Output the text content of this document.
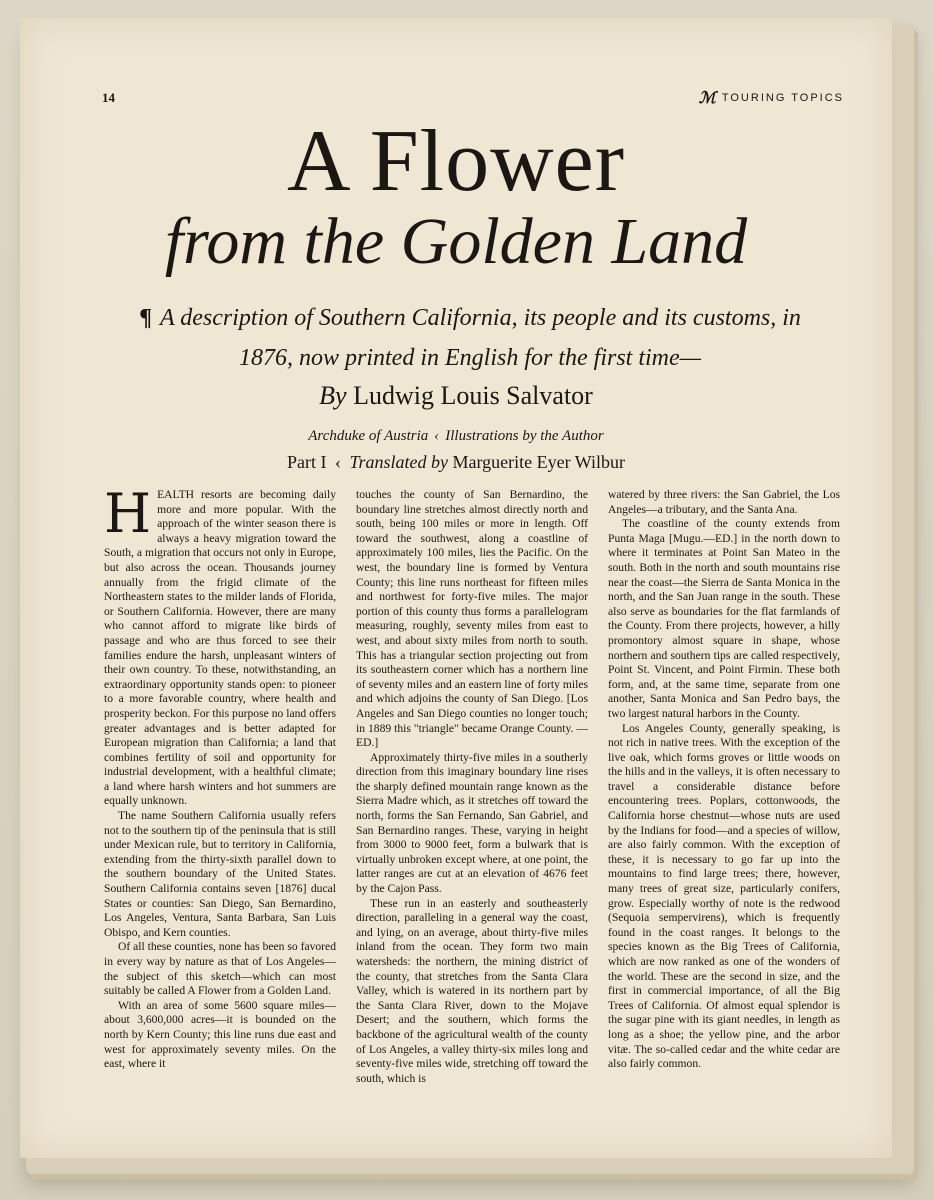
14	ℳ TOURING TOPICS
A Flower
from the Golden Land
¶ A description of Southern California, its people and its customs, in 1876, now printed in English for the first time—
By Ludwig Louis Salvator
Archduke of Austria ‹ Illustrations by the Author
Part I ‹ Translated by Marguerite Eyer Wilbur

HEALTH resorts are becoming daily more and more popular. With the approach of the winter season there is always a heavy migration toward the South, a migration that occurs not only in Europe, but also across the ocean. Thousands journey annually from the frigid climate of the Northeastern states to the milder lands of Florida, or Southern California. However, there are many who cannot afford to migrate like birds of passage and who are thus forced to see their families endure the harsh, unpleasant winters of their own country. To these, notwithstanding, an extraordinary opportunity stands open: to pioneer to a more favorable country, where health and prosperity beckon. For this purpose no land offers greater advantages and is better adapted for European migration than California; a land that combines fertility of soil and opportunity for industrial development, with a healthful climate; a land where harsh winters and hot summers are equally unknown.

The name Southern California usually refers not to the southern tip of the peninsula that is still under Mexican rule, but to territory in California, extending from the thirty-sixth parallel down to the southern boundary of the United States. Southern California contains seven [1876] ducal States or counties: San Diego, San Bernardino, Los Angeles, Ventura, Santa Barbara, San Luis Obispo, and Kern counties.

Of all these counties, none has been so favored in every way by nature as that of Los Angeles—the subject of this sketch—which can most suitably be called A Flower from a Golden Land.

With an area of some 5600 square miles—about 3,600,000 acres—it is bounded on the north by Kern County; this line runs due east and west for approximately seventy miles. On the east, where it

touches the county of San Bernardino, the boundary line stretches almost directly north and south, being 100 miles or more in length. Off toward the southwest, along a coastline of approximately 100 miles, lies the Pacific. On the west, the boundary line is formed by Ventura County; this line runs northeast for fifteen miles and northwest for forty-five miles. The major portion of this county thus forms a parallelogram measuring, roughly, seventy miles from east to west, and about sixty miles from north to south. This has a triangular section projecting out from its southeastern corner which has a northern line of seventy miles and an eastern line of forty miles and which adjoins the county of San Diego. [Los Angeles and San Diego counties no longer touch; in 1889 this "triangle" became Orange County. —ED.]

Approximately thirty-five miles in a southerly direction from this imaginary boundary line rises the sharply defined mountain range known as the Sierra Madre which, as it stretches off toward the north, forms the San Fernando, San Gabriel, and San Bernardino ranges. These, varying in height from 3000 to 9000 feet, form a bulwark that is virtually unbroken except where, at one point, the latter ranges are cut at an elevation of 4676 feet by the Cajon Pass.

These run in an easterly and southeasterly direction, paralleling in a general way the coast, and lying, on an average, about thirty-five miles inland from the ocean. They form two main watersheds: the northern, the mining district of the county, that stretches from the Santa Clara Valley, which is watered in its northern part by the Santa Clara River, down to the Mojave Desert; and the southern, which forms the backbone of the agricultural wealth of the county of Los Angeles, a valley thirty-six miles long and seventy-five miles wide, stretching off toward the south, which is

watered by three rivers: the San Gabriel, the Los Angeles—a tributary, and the Santa Ana.

The coastline of the county extends from Punta Maga [Mugu.—ED.] in the north down to where it terminates at Point San Mateo in the south. Both in the north and south mountains rise near the coast—the Sierra de Santa Monica in the north, and the San Juan range in the south. These also serve as boundaries for the flat farmlands of the County. From there projects, however, a hilly promontory almost square in shape, whose northern and southern tips are called respectively, Point St. Vincent, and Point Firmin. These both form, and, at the same time, separate from one another, Santa Monica and San Pedro bays, the two largest natural harbors in the County.

Los Angeles County, generally speaking, is not rich in native trees. With the exception of the live oak, which forms groves or little woods on the hills and in the valleys, it is often necessary to travel a considerable distance before encountering trees. Poplars, cottonwoods, the California horse chestnut—whose nuts are used by the Indians for food—and a species of willow, are also fairly common. With the exception of these, it is necessary to go far up into the mountains to find large trees; there, however, many trees of great size, particularly conifers, grow. Especially worthy of note is the redwood (Sequoia sempervirens), which is frequently found in the coast ranges. It belongs to the species known as the Big Trees of California, which are now ranked as one of the wonders of the world. These are the second in size, and the first in commercial importance, of all the Big Trees of California. Of almost equal splendor is the sugar pine with its giant needles, in length as long as a shoe; the yellow pine, and the arbor vitæ. The so-called cedar and the white cedar are also fairly common.
